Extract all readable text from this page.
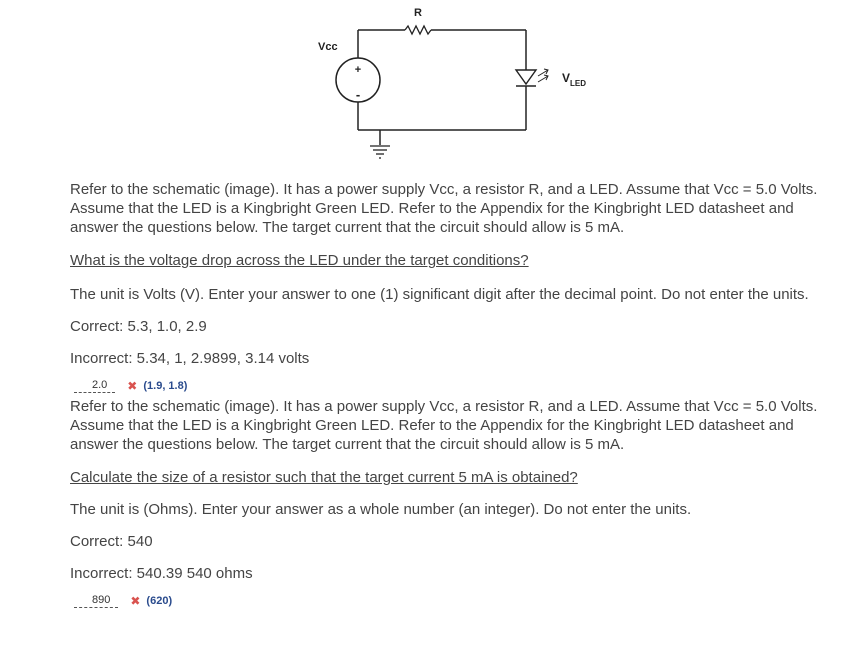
+
-
Vcc
R
$V_{LED}$

Refer to the schematic (image). It has a power supply Vcc, a resistor R, and a LED. Assume that Vcc = 5.0 Volts. Assume that the LED is a Kingbright Green LED. Refer to the Appendix for the Kingbright LED datasheet and answer the questions below. The target current that the circuit should allow is 5 mA.

What is the voltage drop across the LED under the target conditions?

The unit is Volts (V). Enter your answer to one (1) significant digit after the decimal point. Do not enter the units.

Correct: 5.3, 1.0, 2.9

Incorrect: 5.34, 1, 2.9899, 3.14 volts

2.0	✖ (1.9, 1.8)

Refer to the schematic (image). It has a power supply Vcc, a resistor R, and a LED. Assume that Vcc = 5.0 Volts. Assume that the LED is a Kingbright Green LED. Refer to the Appendix for the Kingbright LED datasheet and answer the questions below. The target current that the circuit should allow is 5 mA.

Calculate the size of a resistor such that the target current 5 mA is obtained?

The unit is (Ohms). Enter your answer as a whole number (an integer). Do not enter the units.

Correct: 540

Incorrect: 540.39 540 ohms

890	✖ (620)
